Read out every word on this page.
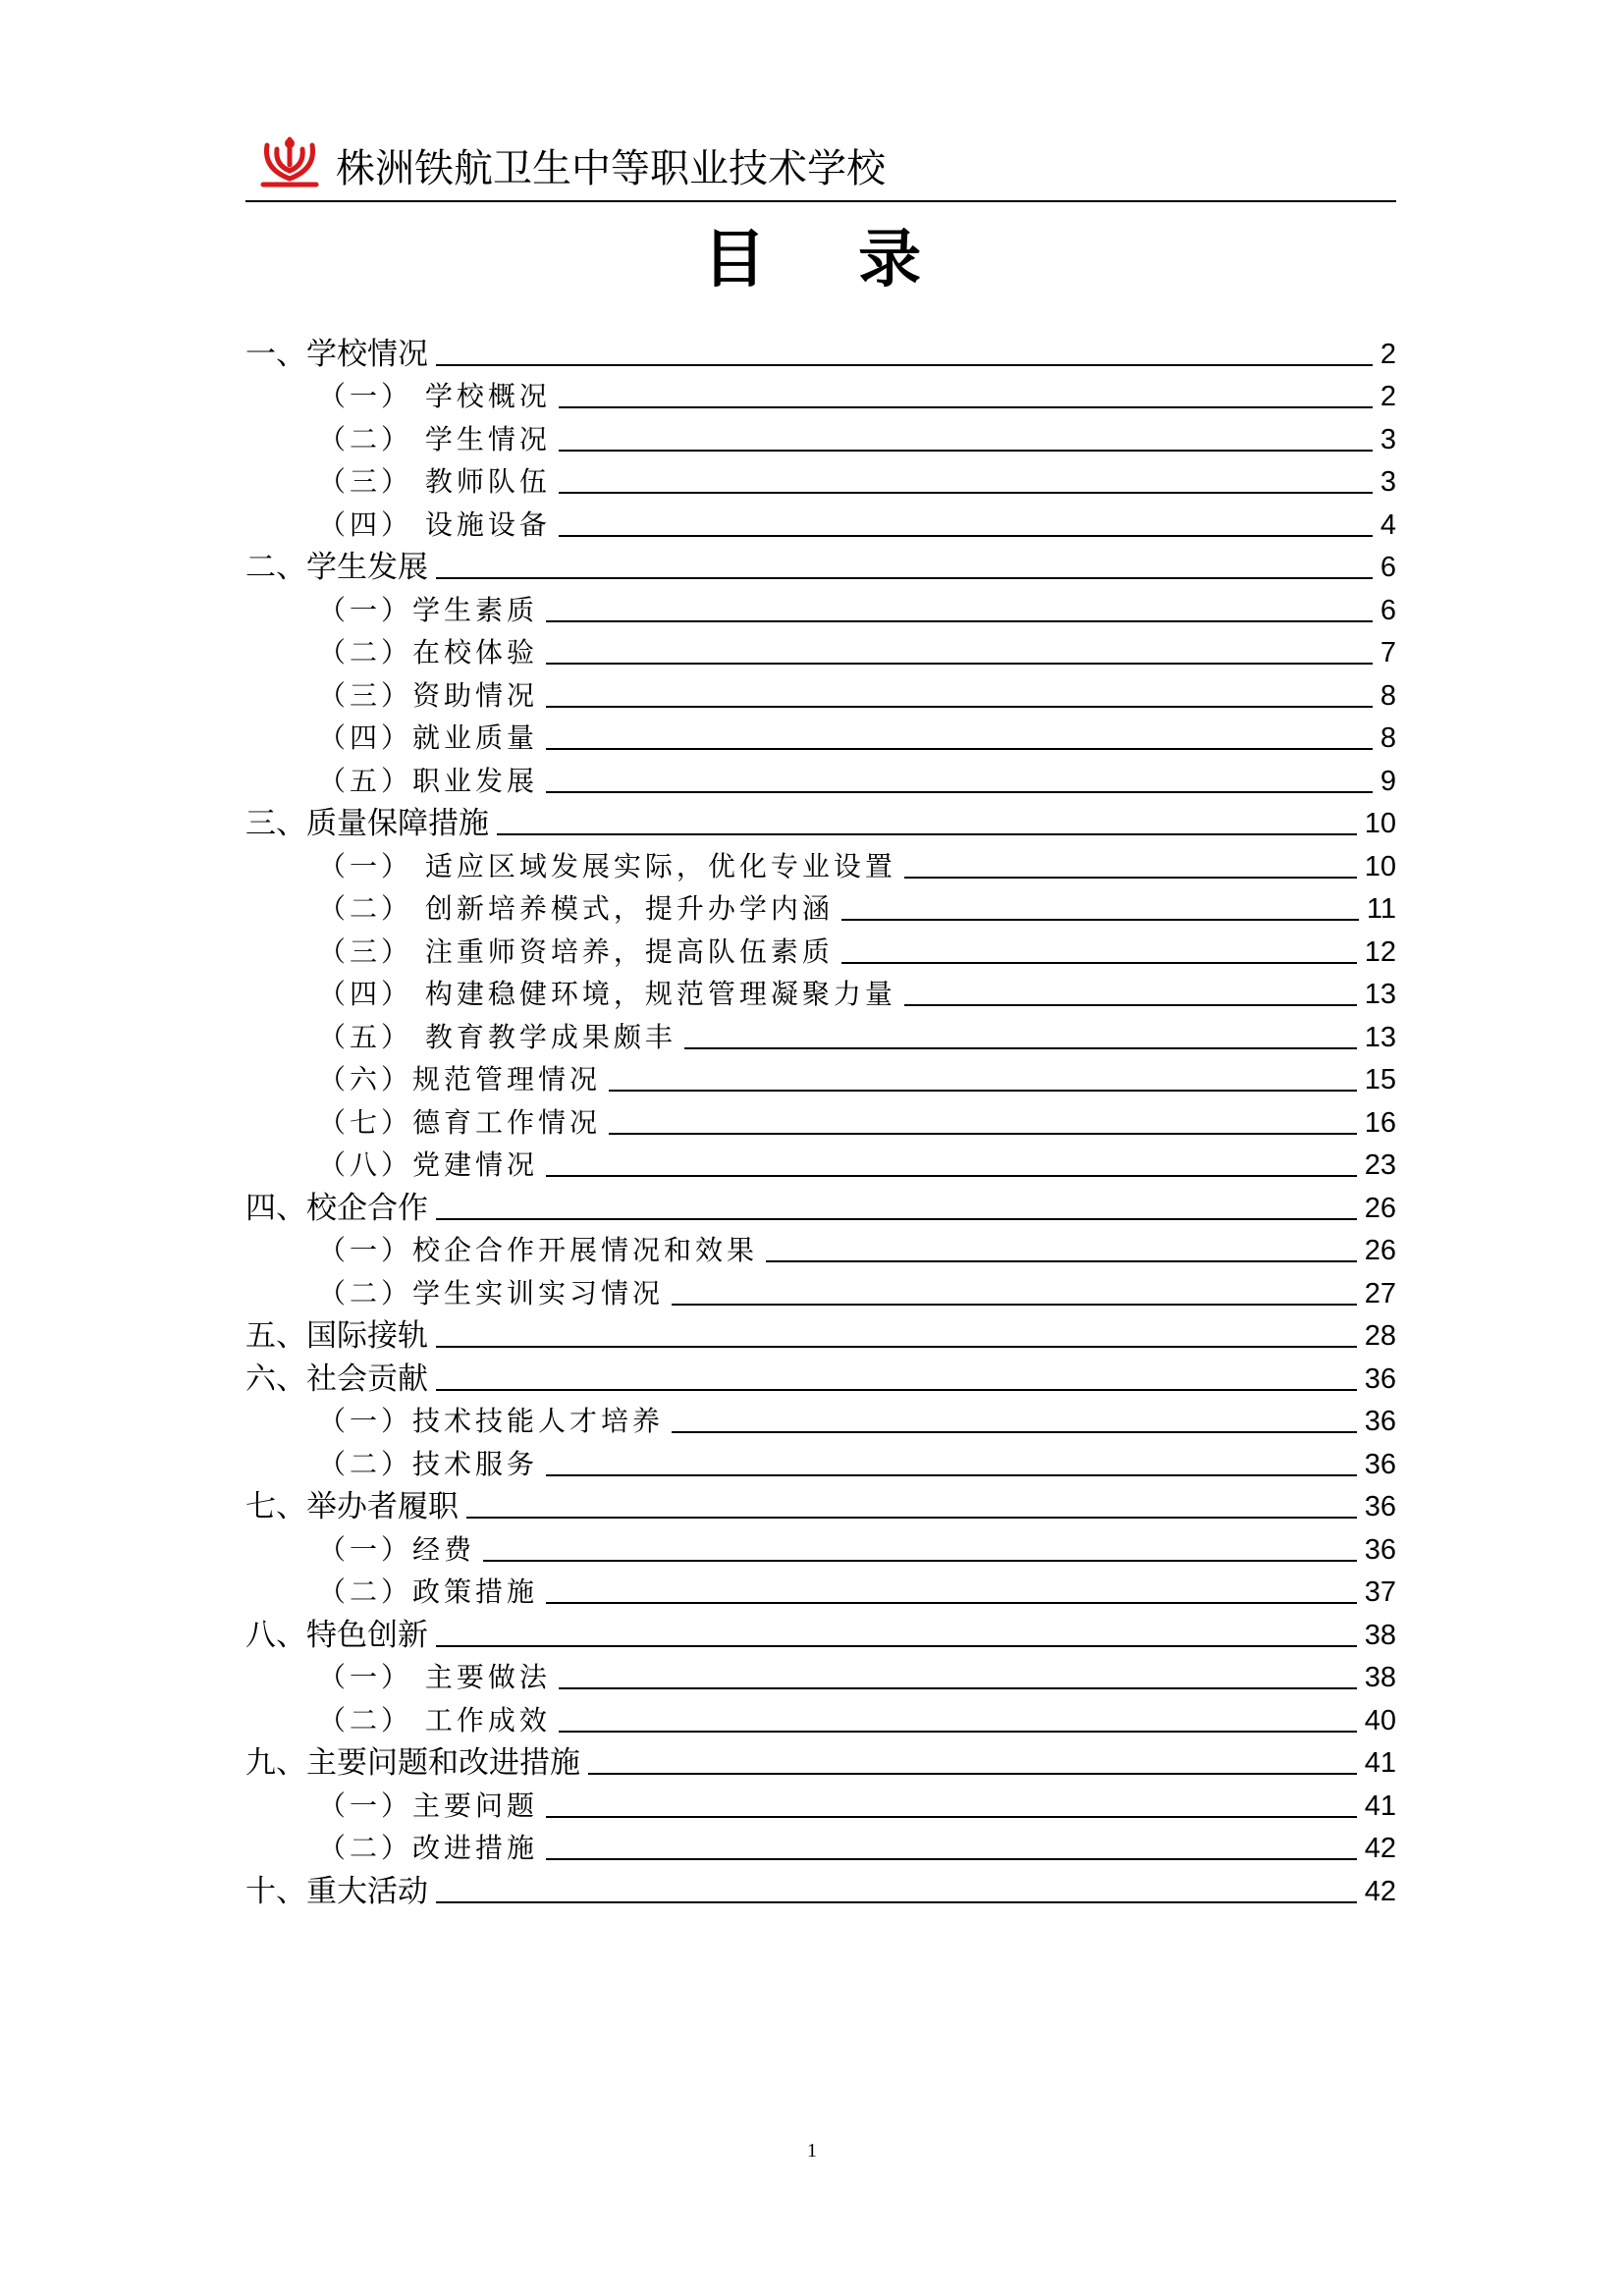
株洲铁航卫生中等职业技术学校
目 录
一、学校情况	2
（一） 学校概况	2
（二） 学生情况	3
（三） 教师队伍	3
（四） 设施设备	4
二、学生发展	6
（一）学生素质	6
（二）在校体验	7
（三）资助情况	8
（四）就业质量	8
（五）职业发展	9
三、质量保障措施	10
（一） 适应区域发展实际，优化专业设置	10
（二） 创新培养模式，提升办学内涵	11
（三） 注重师资培养，提高队伍素质	12
（四） 构建稳健环境，规范管理凝聚力量	13
（五） 教育教学成果颇丰	13
（六）规范管理情况	15
（七）德育工作情况	16
（八）党建情况	23
四、校企合作	26
（一）校企合作开展情况和效果	26
（二）学生实训实习情况	27
五、国际接轨	28
六、社会贡献	36
（一）技术技能人才培养	36
（二）技术服务	36
七、举办者履职	36
（一）经费	36
（二）政策措施	37
八、特色创新	38
（一） 主要做法	38
（二） 工作成效	40
九、主要问题和改进措施	41
（一）主要问题	41
（二）改进措施	42
十、重大活动	42
1
